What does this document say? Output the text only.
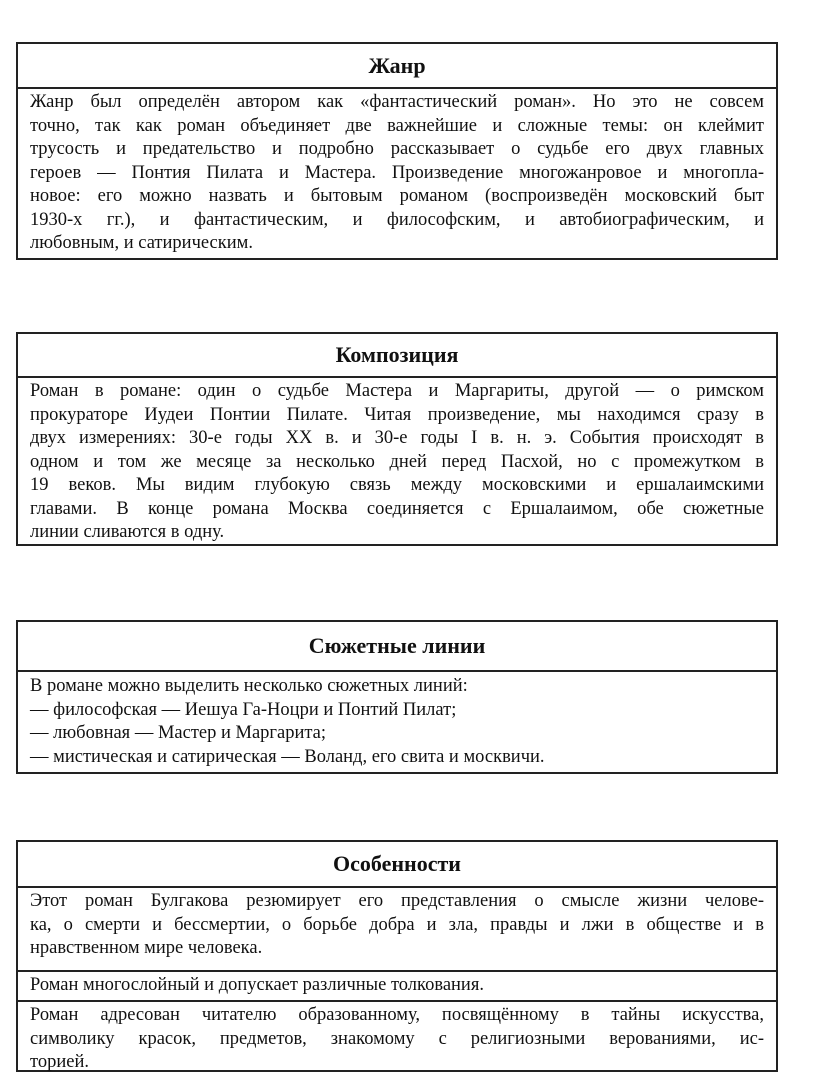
Жанр
Жанр был определён автором как «фантастический роман». Но это не совсем
точно, так как роман объединяет две важнейшие и сложные темы: он клеймит
трусость и предательство и подробно рассказывает о судьбе его двух главных
героев — Понтия Пилата и Мастера. Произведение многожанровое и многопла-
новое: его можно назвать и бытовым романом (воспроизведён московский быт
1930-х гг.), и фантастическим, и философским, и автобиографическим, и
любовным, и сатирическим.
Композиция
Роман в романе: один о судьбе Мастера и Маргариты, другой — о римском
прокураторе Иудеи Понтии Пилате. Читая произведение, мы находимся сразу в
двух измерениях: 30-е годы XX в. и 30-е годы I в. н. э. События происходят в
одном и том же месяце за несколько дней перед Пасхой, но с промежутком в
19 веков. Мы видим глубокую связь между московскими и ершалаимскими
главами. В конце романа Москва соединяется с Ершалаимом, обе сюжетные
линии сливаются в одну.
Сюжетные линии
В романе можно выделить несколько сюжетных линий:
— философская — Иешуа Га-Ноцри и Понтий Пилат;
— любовная — Мастер и Маргарита;
— мистическая и сатирическая — Воланд, его свита и москвичи.
Особенности
Этот роман Булгакова резюмирует его представления о смысле жизни челове-
ка, о смерти и бессмертии, о борьбе добра и зла, правды и лжи в обществе и в
нравственном мире человека.
Роман многослойный и допускает различные толкования.
Роман адресован читателю образованному, посвящённому в тайны искусства,
символику красок, предметов, знакомому с религиозными верованиями, ис-
торией.
